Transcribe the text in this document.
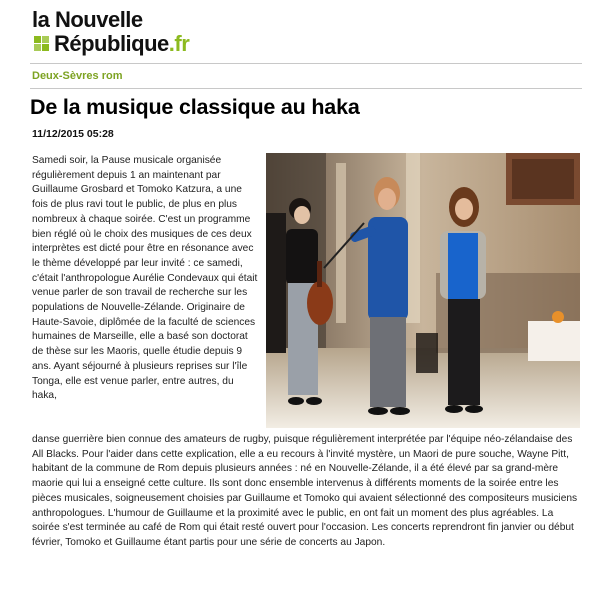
la Nouvelle
République.fr
Deux-Sèvres rom
De la musique classique au haka
11/12/2015 05:28

Samedi soir, la Pause musicale organisée régulièrement depuis 1 an maintenant par Guillaume Grosbard et Tomoko Katzura, a une fois de plus ravi tout le public, de plus en plus nombreux à chaque soirée. C'est un programme bien réglé où le choix des musiques de ces deux interprètes est dicté pour être en résonance avec le thème développé par leur invité : ce samedi, c'était l'anthropologue Aurélie Condevaux qui était venue parler de son travail de recherche sur les populations de Nouvelle-Zélande. Originaire de Haute-Savoie, diplômée de la faculté de sciences humaines de Marseille, elle a basé son doctorat de thèse sur les Maoris, quelle étudie depuis 9 ans. Ayant séjourné à plusieurs reprises sur l'île Tonga, elle est venue parler, entre autres, du haka,

danse guerrière bien connue des amateurs de rugby, puisque régulièrement interprétée par l'équipe néo-zélandaise des All Blacks. Pour l'aider dans cette explication, elle a eu recours à l'invité mystère, un Maori de pure souche, Wayne Pitt, habitant de la commune de Rom depuis plusieurs années : né en Nouvelle-Zélande, il a été élevé par sa grand-mère maorie qui lui a enseigné cette culture. Ils sont donc ensemble intervenus à différents moments de la soirée entre les pièces musicales, soigneusement choisies par Guillaume et Tomoko qui avaient sélectionné des compositeurs musiciens anthropologues. L'humour de Guillaume et la proximité avec le public, en ont fait un moment des plus agréables. La soirée s'est terminée au café de Rom qui était resté ouvert pour l'occasion. Les concerts reprendront fin janvier ou début février, Tomoko et Guillaume étant partis pour une série de concerts au Japon.
